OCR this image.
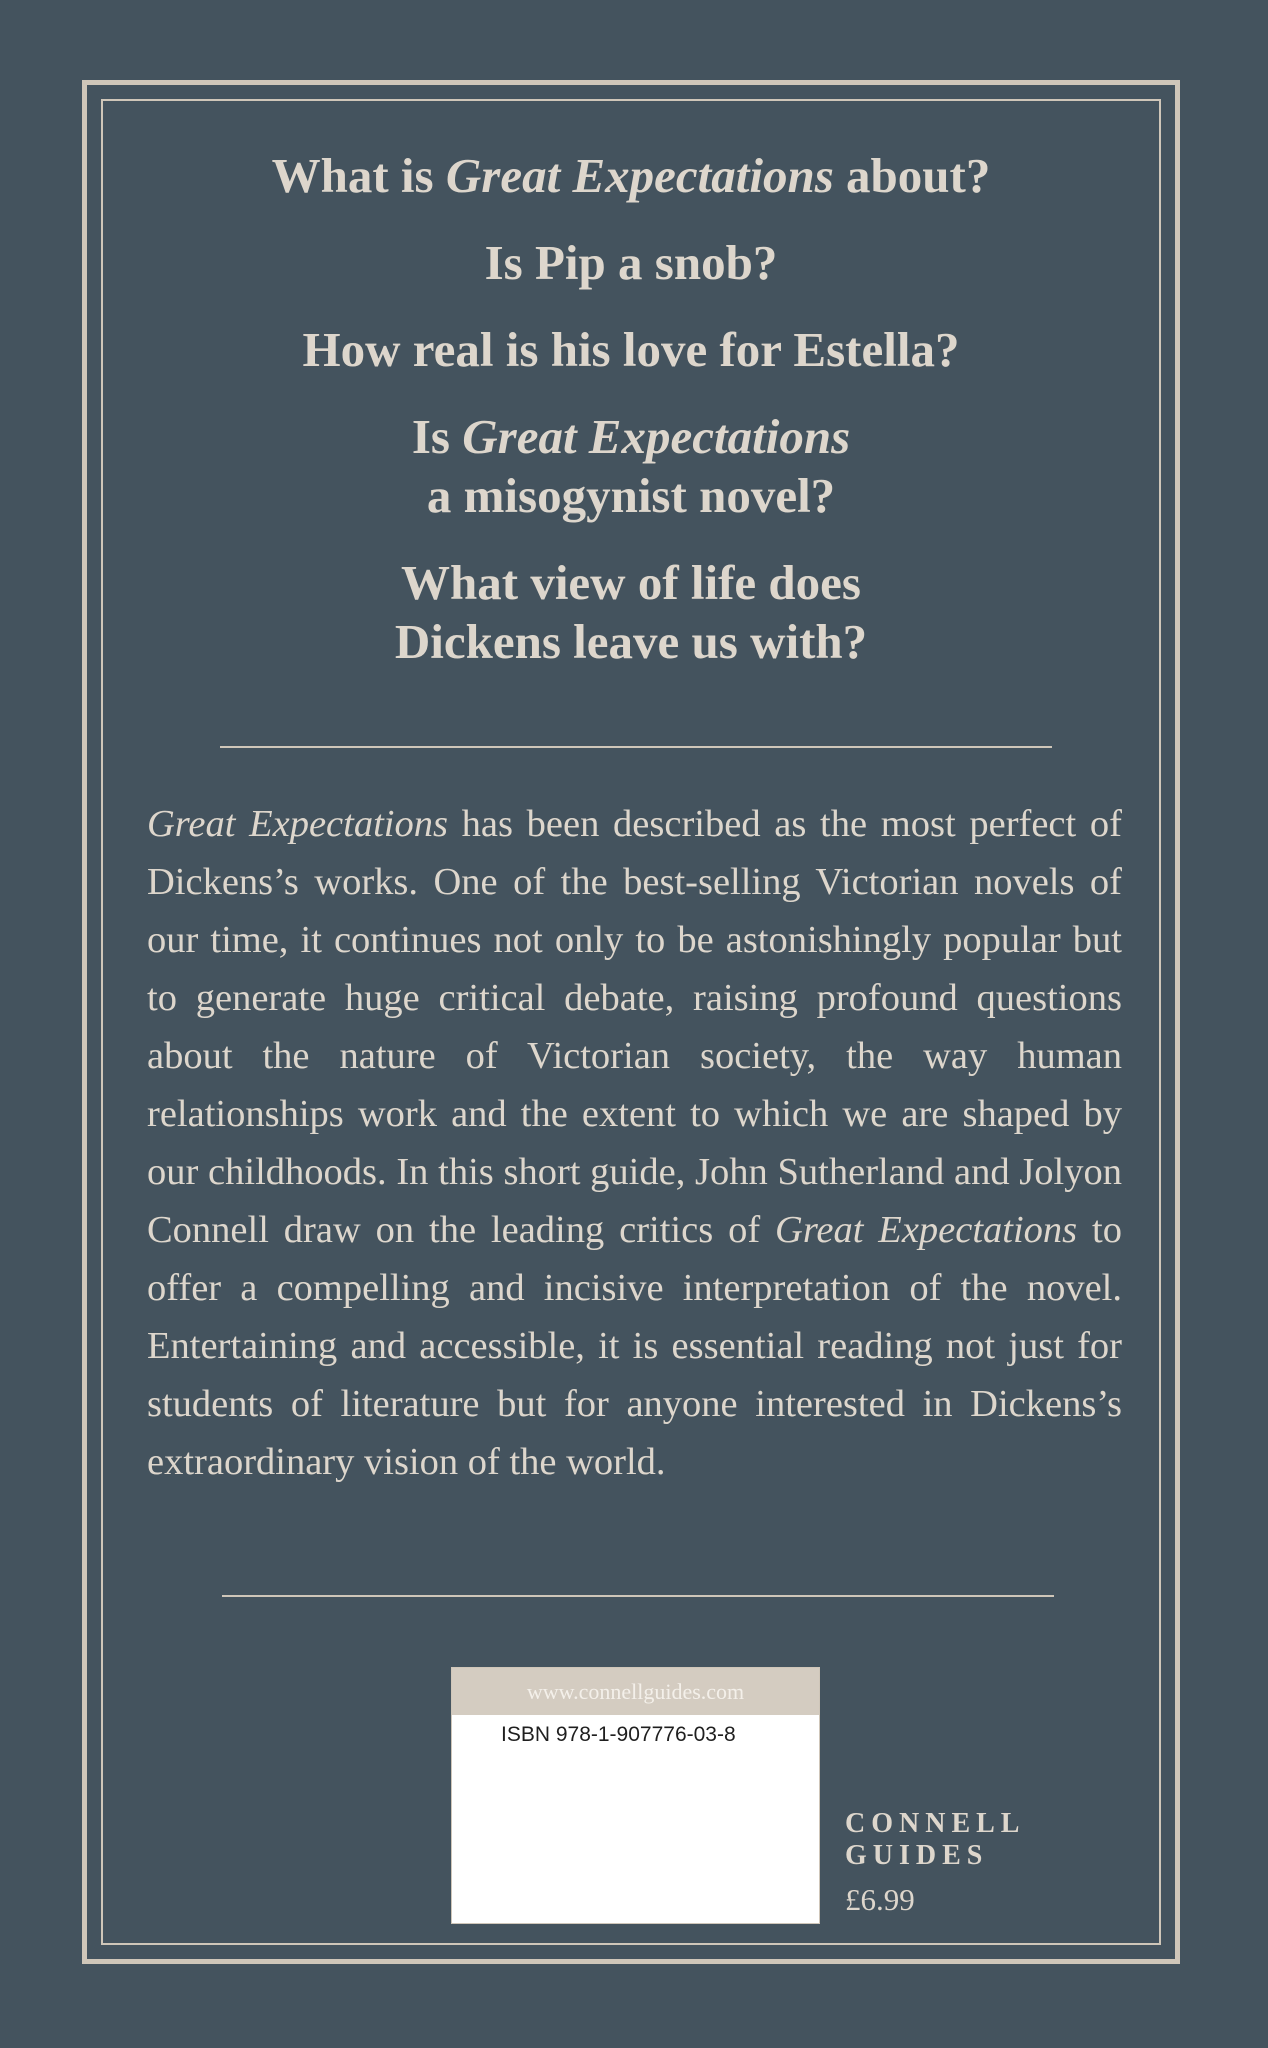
What is Great Expectations about?

Is Pip a snob?

How real is his love for Estella?

Is Great Expectations
a misogynist novel?

What view of life does
Dickens leave us with?

Great Expectations has been described as the most perfect of Dickens’s works. One of the best-selling Victorian novels of our time, it continues not only to be astonishingly popular but to generate huge critical debate, raising profound questions about the nature of Victorian society, the way human relationships work and the extent to which we are shaped by our childhoods. In this short guide, John Sutherland and Jolyon Connell draw on the leading critics of Great Expectations to offer a compelling and incisive interpretation of the novel. Entertaining and accessible, it is essential reading not just for students of literature but for anyone interested in Dickens’s extraordinary vision of the world.

www.connellguides.com
ISBN 978-1-907776-03-8
CONNELL
GUIDES
£6.99
